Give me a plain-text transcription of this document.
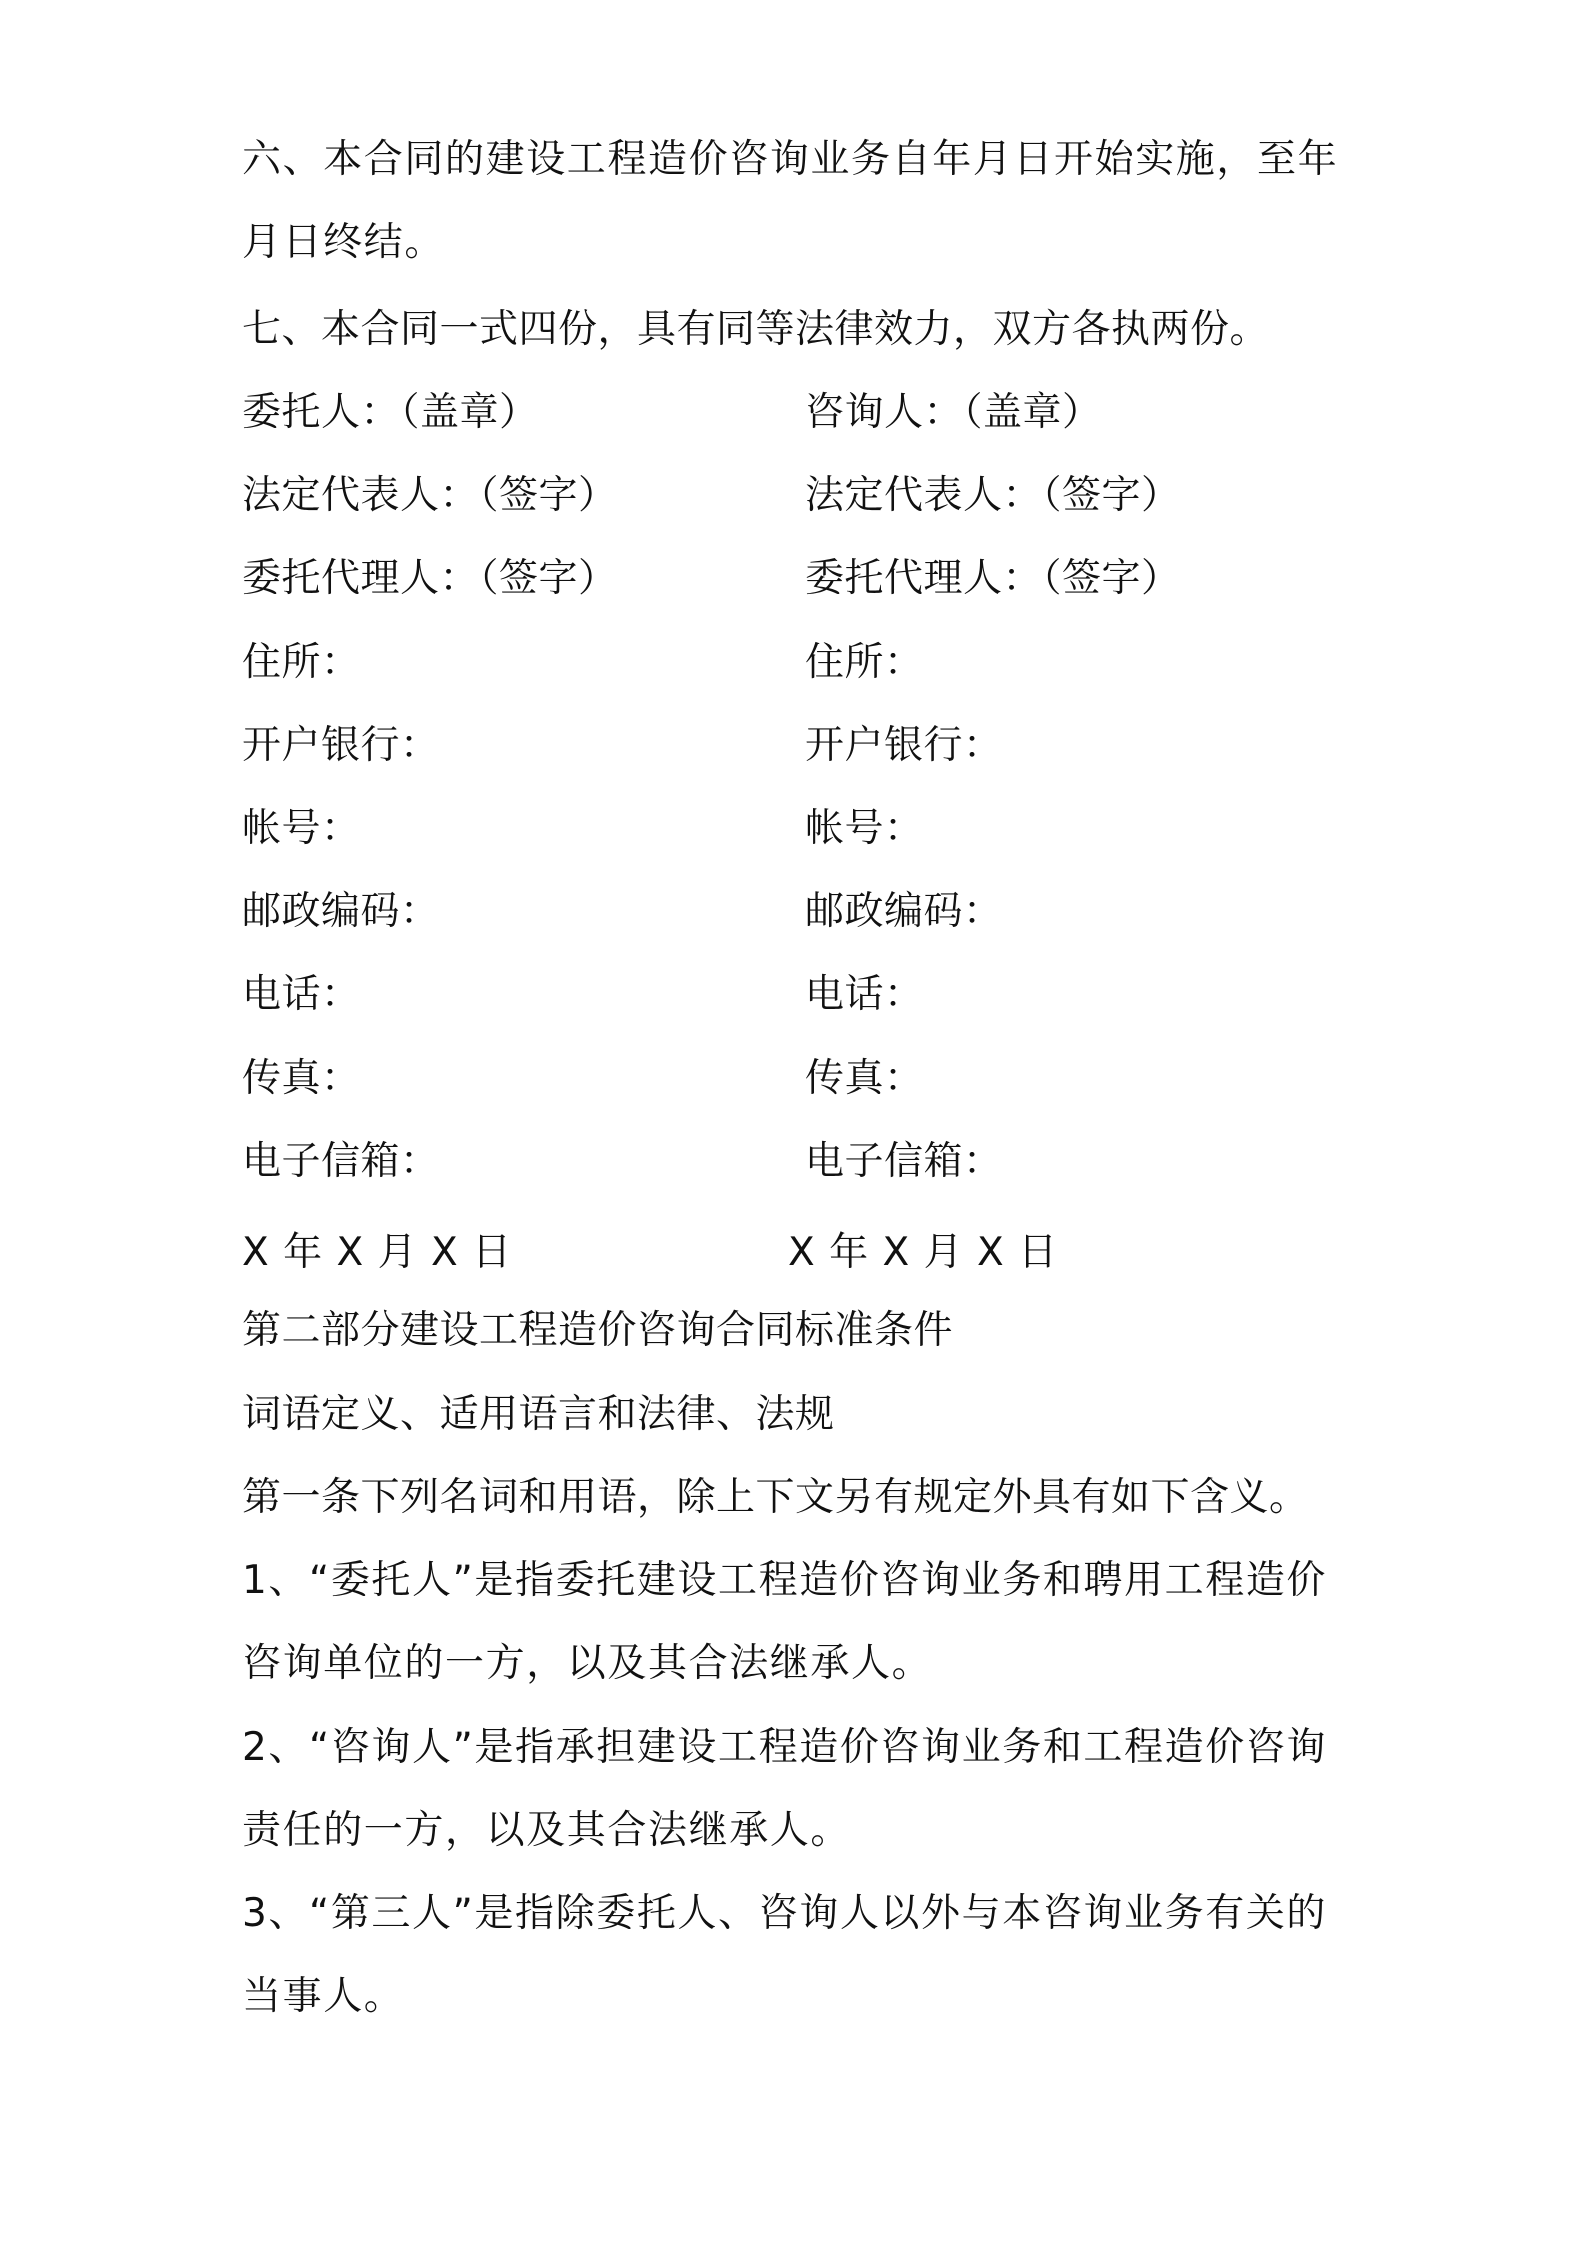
六、本合同的建设工程造价咨询业务自年月日开始实施，至年月日终结。
七、本合同一式四份，具有同等法律效力，双方各执两份。
委托人：（盖章）
法定代表人：（签字）
委托代理人：（签字）
住所：
开户银行：
帐号：
邮政编码：
电话：
传真：
电子信箱：
咨询人：（盖章）
法定代表人：（签字）
委托代理人：（签字）
住所：
开户银行：
帐号：
邮政编码：
电话：
传真：
电子信箱：
X 年 X 月 X 日	X 年 X 月 X 日
第二部分建设工程造价咨询合同标准条件
词语定义、适用语言和法律、法规
第一条下列名词和用语，除上下文另有规定外具有如下含义。
1、“委托人”是指委托建设工程造价咨询业务和聘用工程造价咨询单位的一方，以及其合法继承人。
2、“咨询人”是指承担建设工程造价咨询业务和工程造价咨询责任的一方，以及其合法继承人。
3、“第三人”是指除委托人、咨询人以外与本咨询业务有关的当事人。
